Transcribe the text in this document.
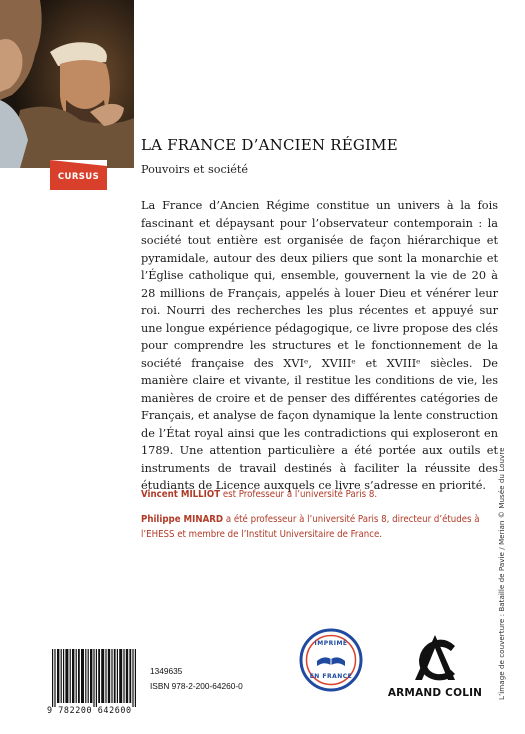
CURSUS
LA FRANCE D’ANCIEN RÉGIME
Pouvoirs et société

La France d’Ancien Régime constitue un univers à la fois fascinant et dépaysant pour l’observateur contemporain : la société tout entière est organisée de façon hiérarchique et pyramidale, autour des deux piliers que sont la monarchie et l’Église catholique qui, ensemble, gouvernent la vie de 20 à 28 millions de Français, appelés à louer Dieu et vénérer leur roi. Nourri des recherches les plus récentes et appuyé sur une longue expérience pédagogique, ce livre propose des clés pour comprendre les structures et le fonctionnement de la société française des XVIᵉ, XVIIIᵉ et XVIIIᵉ siècles. De manière claire et vivante, il restitue les conditions de vie, les manières de croire et de penser des différentes catégories de Français, et analyse de façon dynamique la lente construction de l’État royal ainsi que les contradictions qui exploseront en 1789. Une attention particulière a été portée aux outils et instruments de travail destinés à faciliter la réussite des étudiants de Licence auxquels ce livre s’adresse en priorité.

Vincent MILLIOT est Professeur à l’université Paris 8.
Philippe MINARD a été professeur à l’université Paris 8, directeur d’études à l’EHESS et membre de l’Institut Universitaire de France.	L’image de couverture : Bataille de Pavie / Merian © Musée du Louvre
9 782200 642600
1349635
ISBN 978-2-200-64260-0
IMPRIMÉ
EN FRANCE
ARMAND COLIN
